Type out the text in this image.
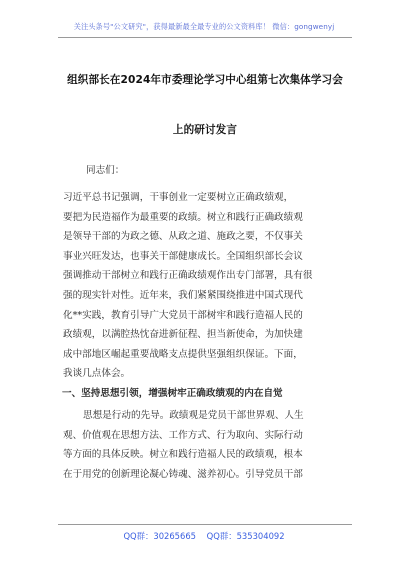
关注头条号"公文研究"，获得最新最全最专业的公文资料库！ 微信：gongwenyj
组织部长在2024年市委理论学习中心组第七次集体学习会
上的研讨发言
同志们：

习近平总书记强调，干事创业一定要树立正确政绩观，

要把为民造福作为最重要的政绩。树立和践行正确政绩观

是领导干部的为政之德、从政之道、施政之要，不仅事关

事业兴旺发达，也事关干部健康成长。全国组织部长会议

强调推动干部树立和践行正确政绩观作出专门部署，具有很

强的现实针对性。近年来，我们紧紧围绕推进中国式现代

化**实践，教育引导广大党员干部树牢和践行造福人民的

政绩观，以满腔热忱奋进新征程、担当新使命，为加快建

成中部地区崛起重要战略支点提供坚强组织保证。下面，

我谈几点体会。

一、坚持思想引领，增强树牢正确政绩观的内在自觉

思想是行动的先导。政绩观是党员干部世界观、人生

观、价值观在思想方法、工作方式、行为取向、实际行动

等方面的具体反映。树立和践行造福人民的政绩观，根本

在于用党的创新理论凝心铸魂、滋养初心。引导党员干部

QQ群：30265665 QQ群：535304092
